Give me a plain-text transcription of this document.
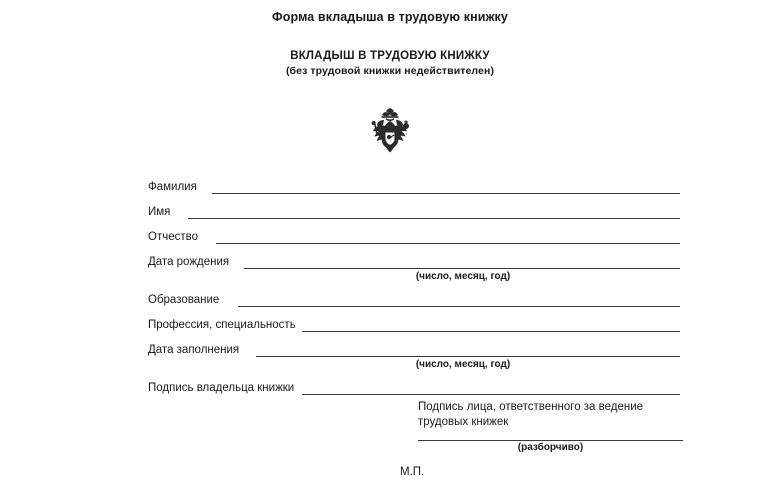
Форма вкладыша в трудовую книжку
ВКЛАДЫШ В ТРУДОВУЮ КНИЖКУ
(без трудовой книжки недействителен)
Фамилия
Имя
Отчество
Дата рождения
(число, месяц, год)
Образование
Профессия, специальность
Дата заполнения
(число, месяц, год)
Подпись владельца книжки
Подпись лица, ответственного за ведение
трудовых книжек
(разборчиво)
М.П.
